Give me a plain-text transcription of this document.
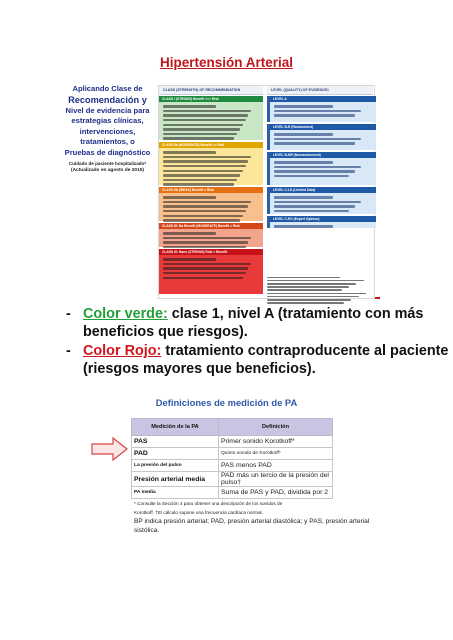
Hipertensión Arterial
Aplicando Clase de
Recomendación y
Nivel de evidencia para
estrategias clínicas,
intervenciones,
tratamientos, o
Pruebas de diagnóstico
Cuidado de paciente hospitalizado*
(Actualizado en agosto de 2015)
CLASS (STRENGTH) OF RECOMMENDATION	LEVEL (QUALITY) OF EVIDENCE‡
CLASS I (STRONG) Benefit >>> Risk
CLASS IIa (MODERATE) Benefit >> Risk
CLASS IIb (WEAK) Benefit ≥ Risk
CLASS III: No Benefit (MODERATE) Benefit = Risk
CLASS III: Harm (STRONG) Risk > Benefit
LEVEL A
LEVEL B-R (Randomized)
LEVEL B-NR (Nonrandomized)
LEVEL C-LD (Limited Data)
LEVEL C-EO (Expert Opinion)
- Color verde: clase 1, nivel A (tratamiento con más beneficios que riesgos).
- Color Rojo: tratamiento contraproducente al paciente (riesgos mayores que beneficios).
Definiciones de medición de PA
Medición de la PA	Definición
PAS	Primer sonido Korotkoff*
PAD	Quinto sonido de Korotkoff*
La presión del pulso	PAS menos PAD
Presión arterial media	PAD más un tercio de la presión del pulso†
PA media	Suma de PAS y PAD, dividida por 2
* Consulte la Sección 4 para obtener una descripción de los sonidos de
Korotkoff. †El cálculo supone una frecuencia cardíaca normal.
BP indica presión arterial; PAD, presión arterial diastólica; y PAS, presión arterial sistólica.
